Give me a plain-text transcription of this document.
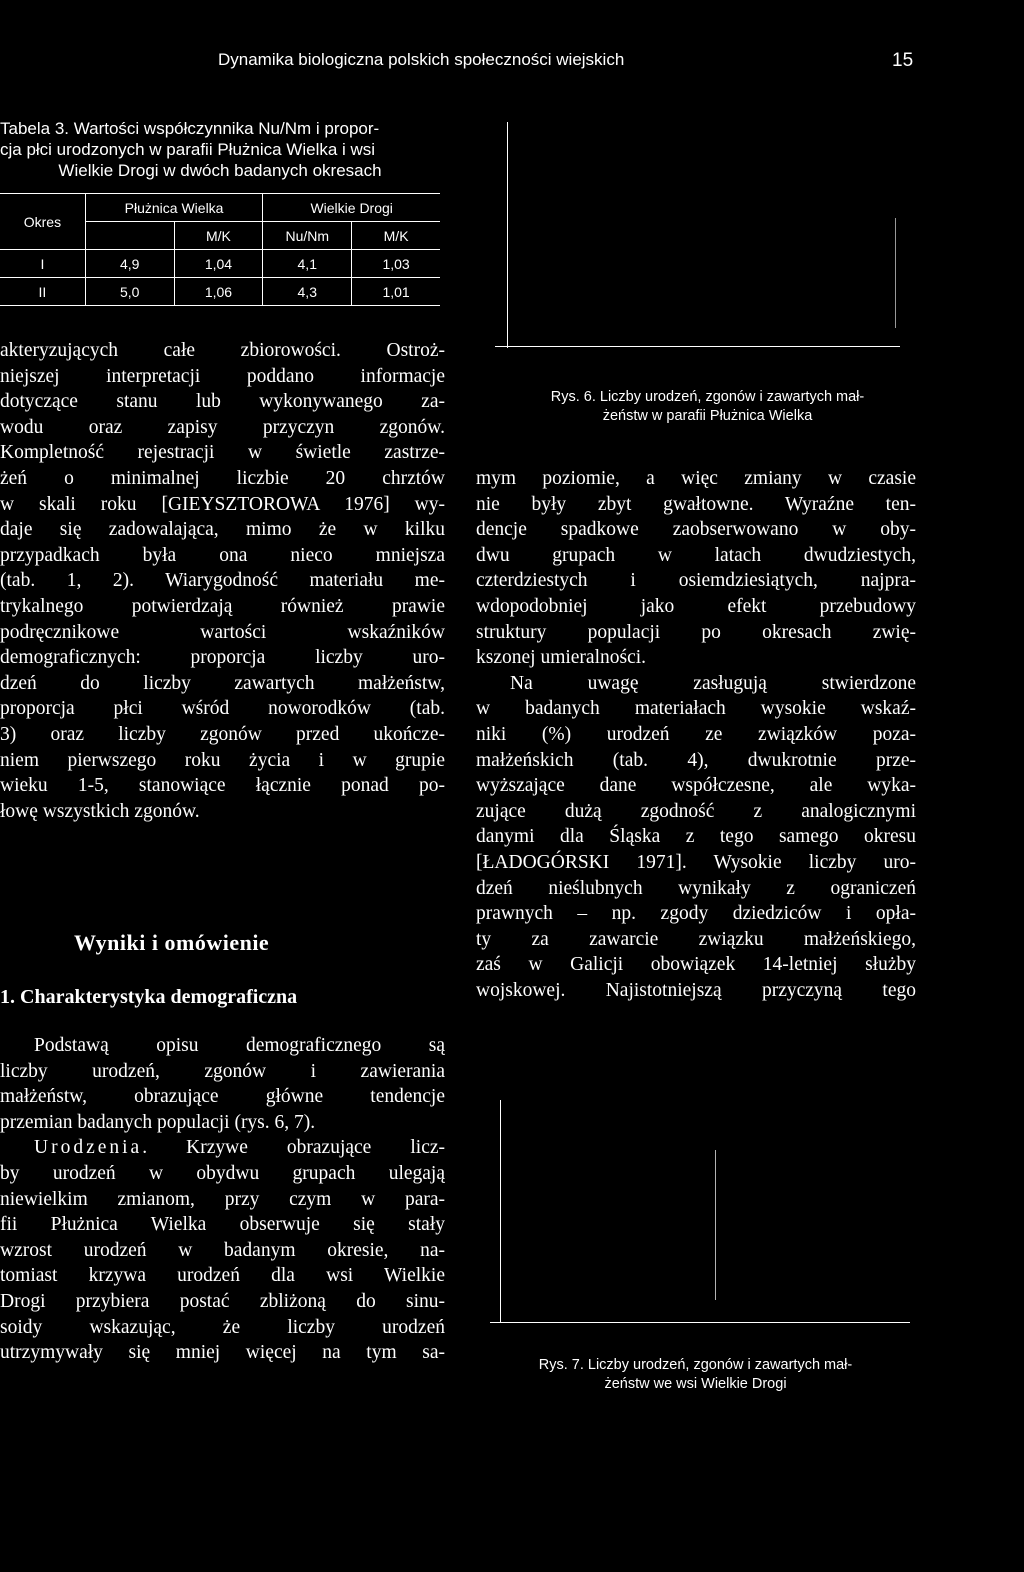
Dynamika biologiczna polskich społeczności wiejskich	15
Tabela 3. Wartości współczynnika Nu/Nm i propor-
cja płci urodzonych w parafii Płużnica Wielka i wsi
Wielkie Drogi w dwóch badanych okresach
Okres	Płużnica Wielka		Wielkie Drogi	
		M/K	Nu/Nm	M/K
I	4,9	1,04	4,1	1,03
II	5,0	1,06	4,3	1,01
akteryzujących całe zbiorowości. Ostroż-
niejszej interpretacji poddano informacje
dotyczące stanu lub wykonywanego za-
wodu oraz zapisy przyczyn zgonów.
Kompletność rejestracji w świetle zastrze-
żeń o minimalnej liczbie 20 chrztów
w skali roku [GIEYSZTOROWA 1976] wy-
daje się zadowalająca, mimo że w kilku
przypadkach była ona nieco mniejsza
(tab. 1, 2). Wiarygodność materiału me-
trykalnego potwierdzają również prawie
podręcznikowe wartości wskaźników
demograficznych: proporcja liczby uro-
dzeń do liczby zawartych małżeństw,
proporcja płci wśród noworodków (tab.
3) oraz liczby zgonów przed ukończe-
niem pierwszego roku życia i w grupie
wieku 1-5, stanowiące łącznie ponad po-
łowę wszystkich zgonów.
Wyniki i omówienie
1. Charakterystyka demograficzna
Podstawą opisu demograficznego są
liczby urodzeń, zgonów i zawierania
małżeństw, obrazujące główne tendencje
przemian badanych populacji (rys. 6, 7).
Urodzenia. Krzywe obrazujące licz-
by urodzeń w obydwu grupach ulegają
niewielkim zmianom, przy czym w para-
fii Płużnica Wielka obserwuje się stały
wzrost urodzeń w badanym okresie, na-
tomiast krzywa urodzeń dla wsi Wielkie
Drogi przybiera postać zbliżoną do sinu-
soidy wskazując, że liczby urodzeń
utrzymywały się mniej więcej na tym sa-
Rys. 6. Liczby urodzeń, zgonów i zawartych mał-
żeństw w parafii Płużnica Wielka
mym poziomie, a więc zmiany w czasie
nie były zbyt gwałtowne. Wyraźne ten-
dencje spadkowe zaobserwowano w oby-
dwu grupach w latach dwudziestych,
czterdziestych i osiemdziesiątych, najpra-
wdopodobniej jako efekt przebudowy
struktury populacji po okresach zwię-
kszonej umieralności.
Na uwagę zasługują stwierdzone
w badanych materiałach wysokie wskaź-
niki (%) urodzeń ze związków poza-
małżeńskich (tab. 4), dwukrotnie prze-
wyższające dane współczesne, ale wyka-
zujące dużą zgodność z analogicznymi
danymi dla Śląska z tego samego okresu
[ŁADOGÓRSKI 1971]. Wysokie liczby uro-
dzeń nieślubnych wynikały z ograniczeń
prawnych – np. zgody dziedziców i opła-
ty za zawarcie związku małżeńskiego,
zaś w Galicji obowiązek 14-letniej służby
wojskowej. Najistotniejszą przyczyną tego
Rys. 7. Liczby urodzeń, zgonów i zawartych mał-
żeństw we wsi Wielkie Drogi
